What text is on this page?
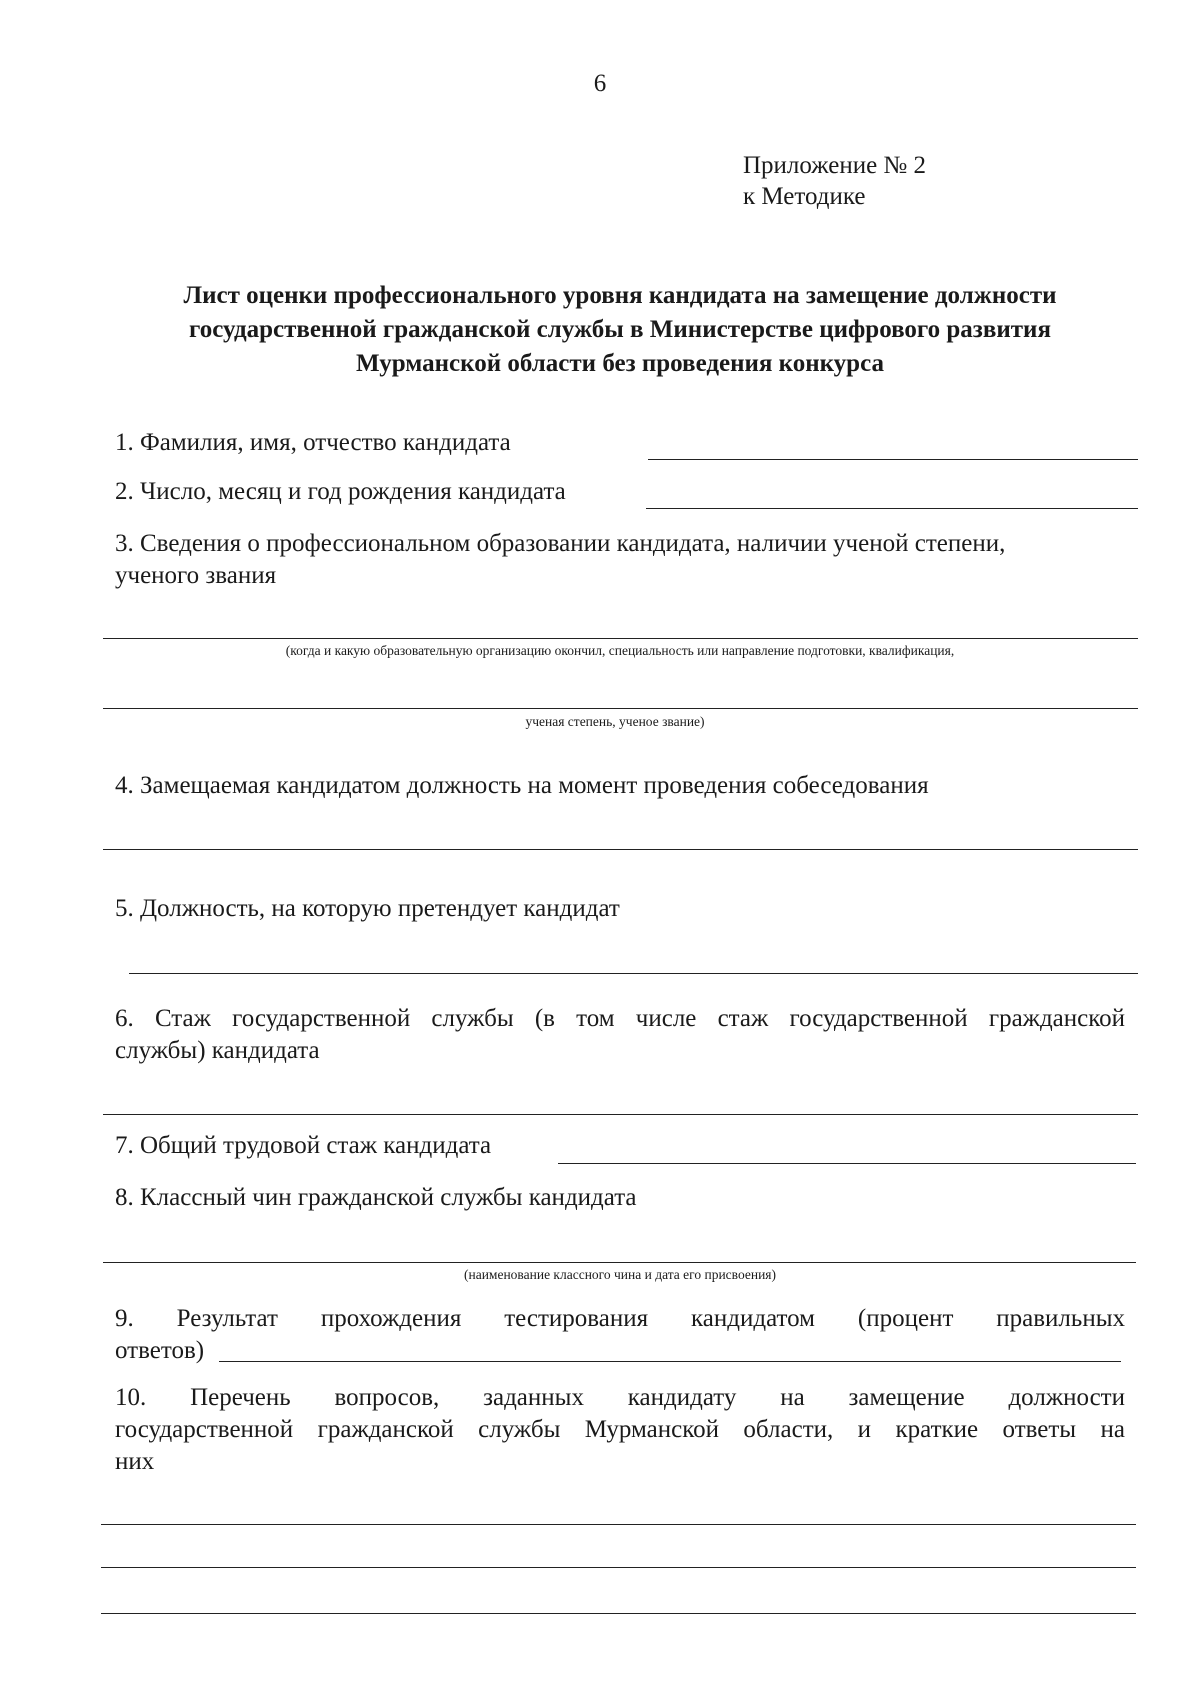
6
Приложение № 2
к Методике
Лист оценки профессионального уровня кандидата на замещение должности
государственной гражданской службы в Министерстве цифрового развития
Мурманской области без проведения конкурса
1. Фамилия, имя, отчество кандидата
2. Число, месяц и год рождения кандидата
3. Сведения о профессиональном образовании кандидата, наличии ученой степени,
ученого звания
(когда и какую образовательную организацию окончил, специальность или направление подготовки, квалификация,
ученая степень, ученое звание)
4. Замещаемая кандидатом должность на момент проведения собеседования
5. Должность, на которую претендует кандидат
6. Стаж государственной службы (в том числе стаж государственной гражданской
службы) кандидата
7. Общий трудовой стаж кандидата
8. Классный чин гражданской службы кандидата
(наименование классного чина и дата его присвоения)
9. Результат прохождения тестирования кандидатом (процент правильных
ответов)
10. Перечень вопросов, заданных кандидату на замещение должности
государственной гражданской службы Мурманской области, и краткие ответы на
них
